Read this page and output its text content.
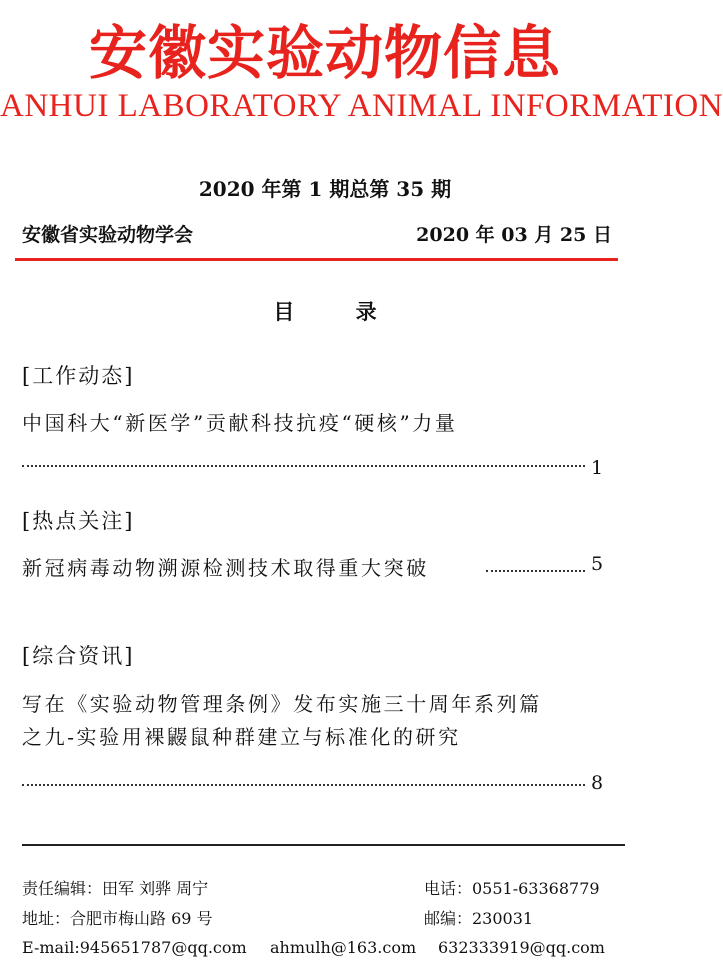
安徽实验动物信息
ANHUI LABORATORY ANIMAL INFORMATION
2020 年第 1 期总第 35 期
安徽省实验动物学会	2020 年 03 月 25 日
目 录
[工作动态]
中国科大“新医学”贡献科技抗疫“硬核”力量
1
[热点关注]
新冠病毒动物溯源检测技术取得重大突破	5
[综合资讯]
写在《实验动物管理条例》发布实施三十周年系列篇
之九-实验用裸鼹鼠种群建立与标准化的研究
8
责任编辑：田军 刘骅 周宁	电话：0551-63368779
地址：合肥市梅山路 69 号	邮编：230031
E-mail:945651787@qq.com ahmulh@163.com 632333919@qq.com
